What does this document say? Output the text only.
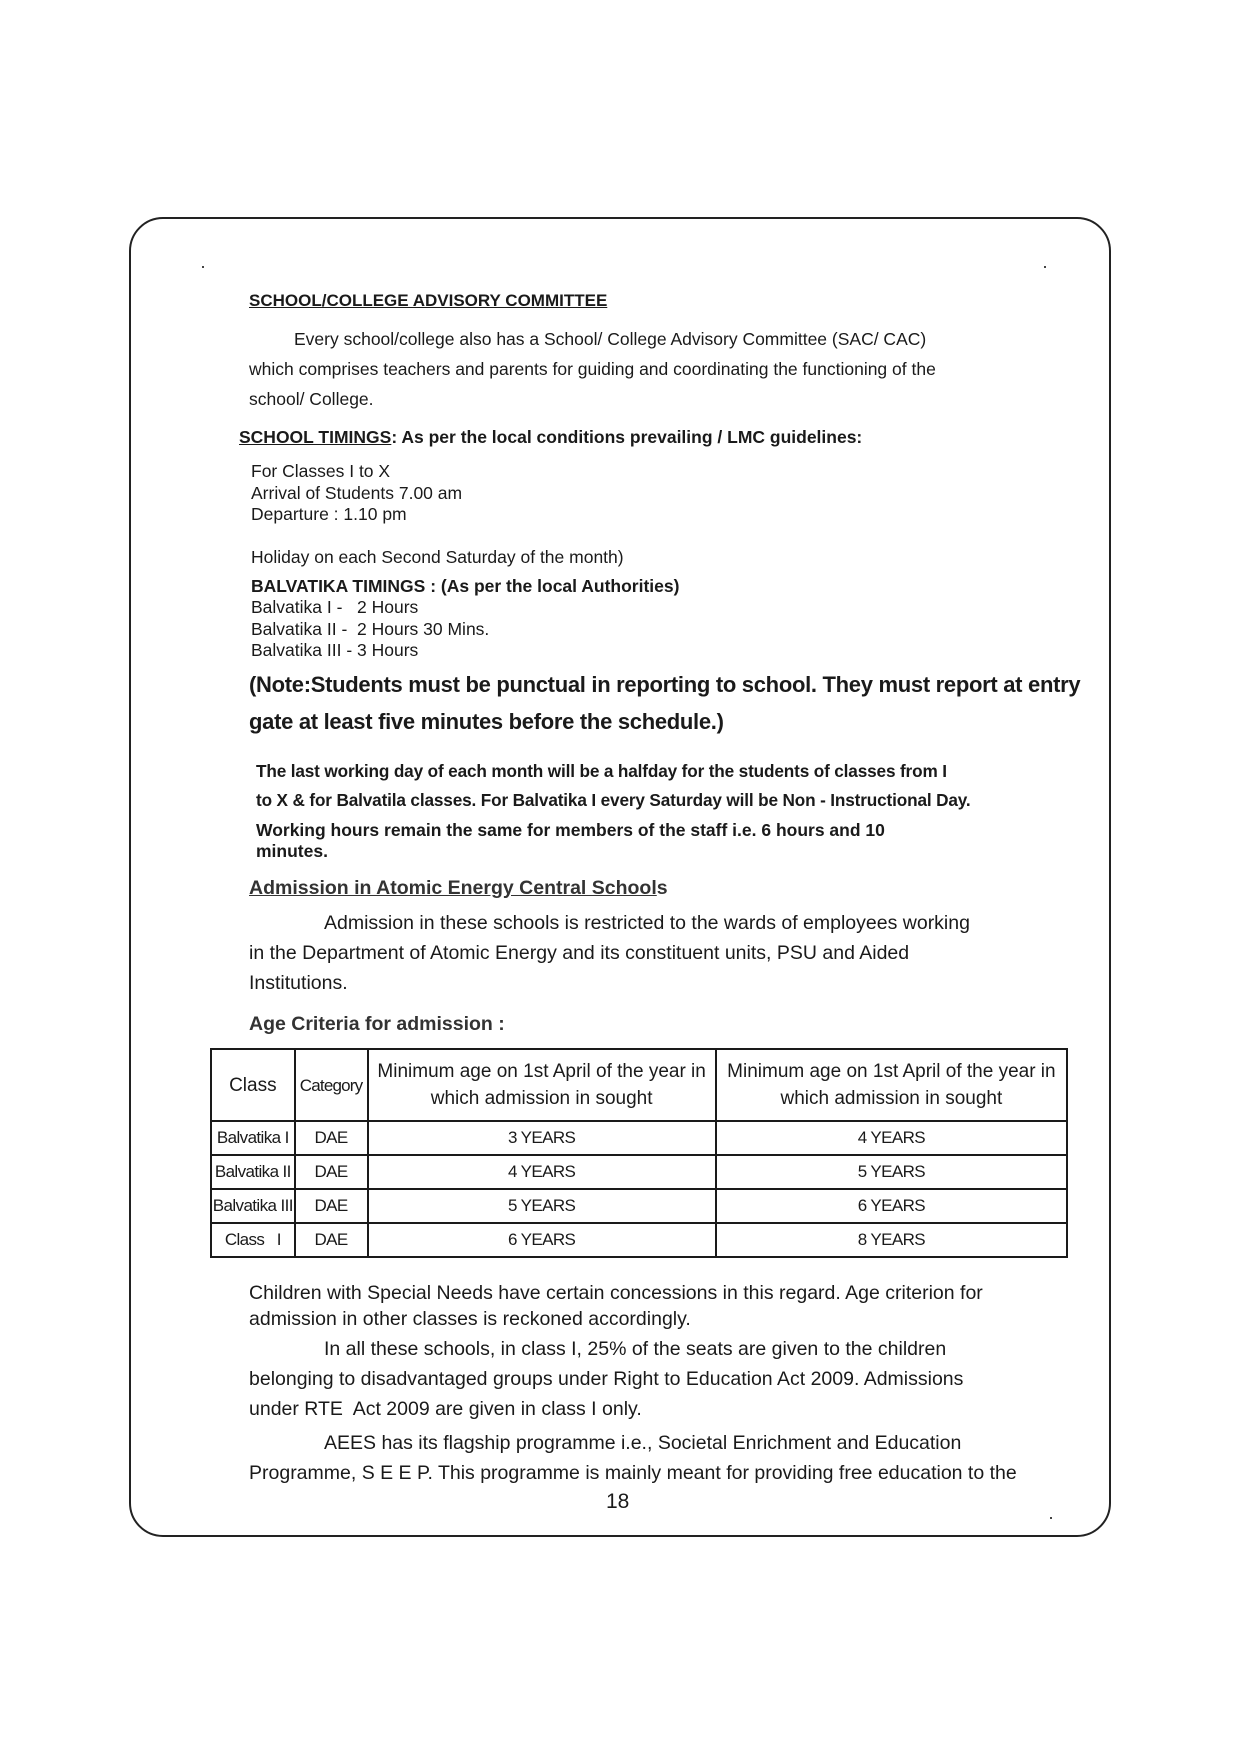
SCHOOL/COLLEGE ADVISORY COMMITTEE
Every school/college also has a School/ College Advisory Committee (SAC/ CAC)
which comprises teachers and parents for guiding and coordinating the functioning of the
school/ College.
SCHOOL TIMINGS: As per the local conditions prevailing / LMC guidelines:
For Classes I to X
Arrival of Students 7.00 am
Departure : 1.10 pm
Holiday on each Second Saturday of the month)
BALVATIKA TIMINGS : (As per the local Authorities)
Balvatika I -   2 Hours
Balvatika II -  2 Hours 30 Mins.
Balvatika III - 3 Hours
(Note:Students must be punctual in reporting to school. They must report at entry
gate at least five minutes before the schedule.)
The last working day of each month will be a halfday for the students of classes from I
to X & for Balvatila classes. For Balvatika I every Saturday will be Non - Instructional Day.
Working hours remain the same for members of the staff i.e. 6 hours and 10
minutes.
Admission in Atomic Energy Central Schools
Admission in these schools is restricted to the wards of employees working
in the Department of Atomic Energy and its constituent units, PSU and Aided
Institutions.
Age Criteria for admission :
Class	Category	Minimum age on 1st April of the year in which admission in sought	Minimum age on 1st April of the year in which admission in sought
Balvatika I	DAE	3 YEARS	4 YEARS
Balvatika II	DAE	4 YEARS	5 YEARS
Balvatika III	DAE	5 YEARS	6 YEARS
Class   I	DAE	6 YEARS	8 YEARS
Children with Special Needs have certain concessions in this regard. Age criterion for
admission in other classes is reckoned accordingly.
In all these schools, in class I, 25% of the seats are given to the children
belonging to disadvantaged groups under Right to Education Act 2009. Admissions
under RTE  Act 2009 are given in class I only.
AEES has its flagship programme i.e., Societal Enrichment and Education
Programme, S E E P. This programme is mainly meant for providing free education to the
18
